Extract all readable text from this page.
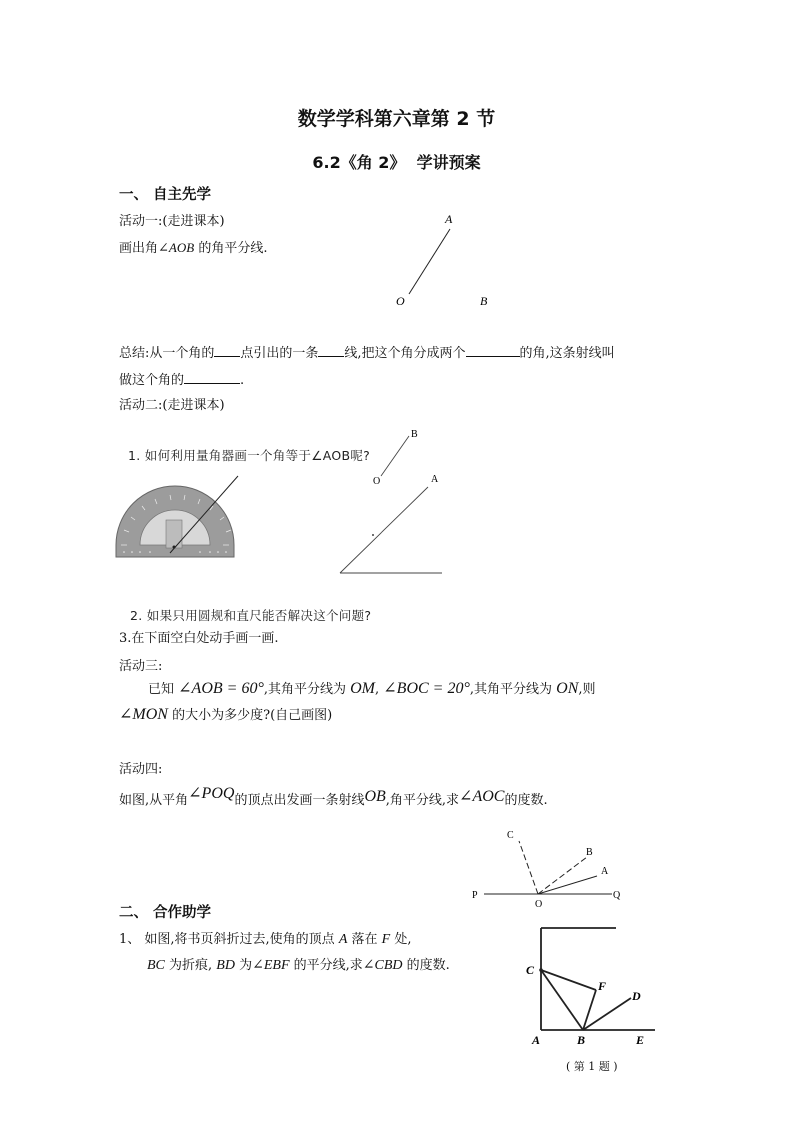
数学学科第六章第 2 节
6.2《角 2》  学讲预案
一、 自主先学
活动一:(走进课本)
画出角∠AOB 的角平分线.
A
O	B
B
O	A
C
B
A
P
O
Q
C
F
D
A	B	E
总结:从一个角的 点引出的一条 线,把这个角分成两个	的角,这条射线叫
做这个角的	.
活动二:(走进课本)
1. 如何利用量角器画一个角等于∠AOB呢?
2. 如果只用圆规和直尺能否解决这个问题?
3.在下面空白处动手画一画.
活动三:
已知 ∠AOB = 60°,其角平分线为 OM, ∠BOC = 20°,其角平分线为 ON,则
∠MON 的大小为多少度?(自己画图)
活动四:
如图,从平角∠POQ的顶点出发画一条射线OB,角平分线,求∠AOC的度数.
二、 合作助学
1、 如图,将书页斜折过去,使角的顶点 A 落在 F 处,
BC 为折痕, BD 为∠EBF 的平分线,求∠CBD 的度数.
( 第 1 题 )
